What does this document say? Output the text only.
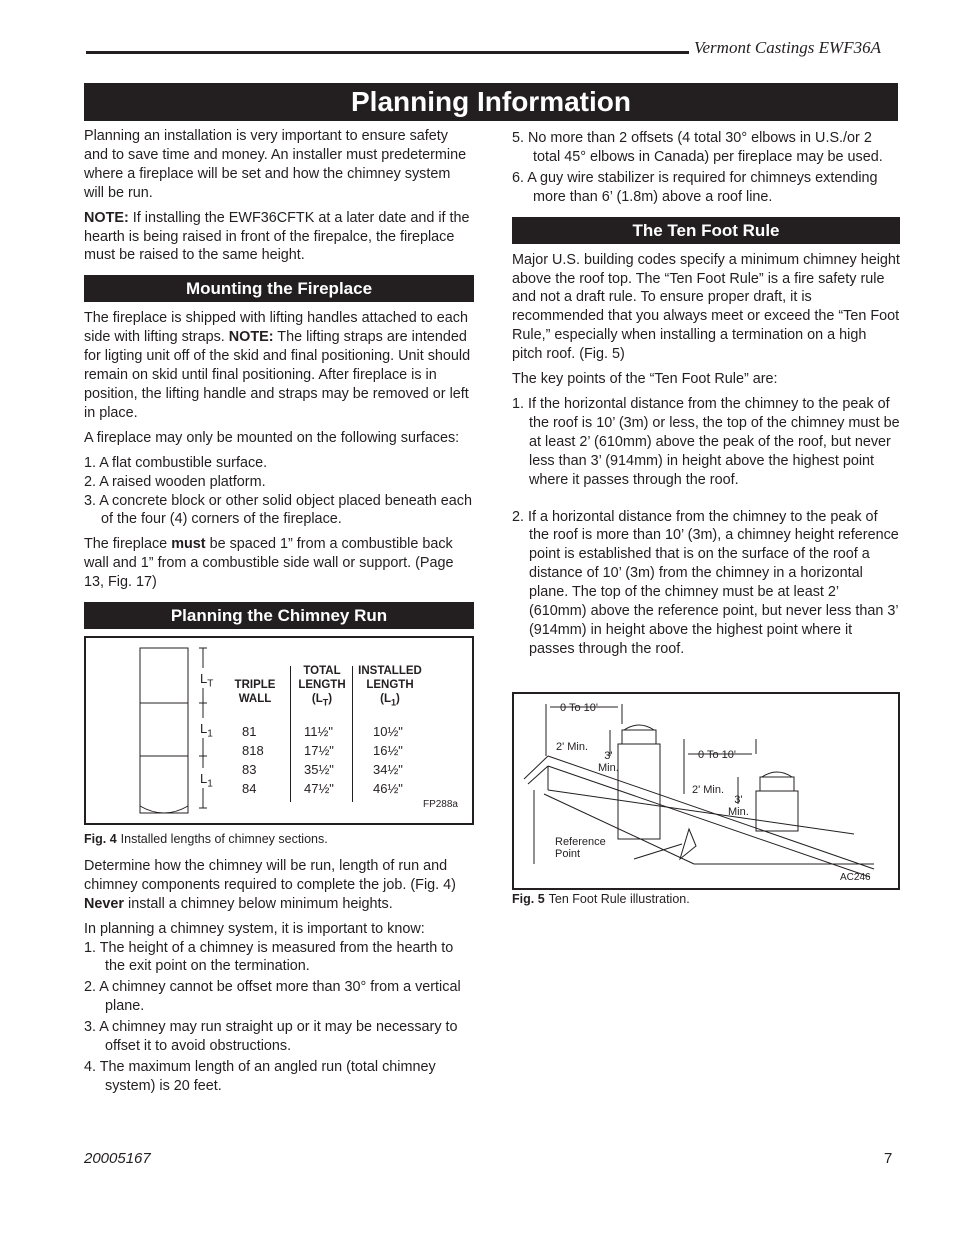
Vermont Castings EWF36A
Planning Information

Planning an installation is very important to ensure safety and to save time and money. An installer must predetermine where a fireplace will be set and how the chimney system will be run.

NOTE: If installing the EWF36CFTK at a later date and if the hearth is being raised in front of the firepalce, the fireplace must be raised to the same height.

Mounting the Fireplace

The fireplace is shipped with lifting handles attached to each side with lifting straps. NOTE: The lifting straps are intended for ligting unit off of the skid and final positioning. Unit should remain on skid until final positioning. After fireplace is in position, the lifting handle and straps may be removed or left in place.

A fireplace may only be mounted on the following surfaces:

1. A flat combustible surface.
2. A raised wooden platform.
3. A concrete block or other solid object placed beneath each of the four (4) corners of the fireplace.

The fireplace must be spaced 1” from a combustible back wall and 1” from a combustible side wall or support. (Page 13, Fig. 17)

Planning the Chimney Run
$L_T$
$L_1$
$L_1$
TRIPLE
WALL
TOTAL
LENGTH
$(L_T)$
INSTALLED
LENGTH
$(L_1)$
81	11½"	10½"
818	17½"	16½"
83	35½"	34½"
84	47½"	46½"
FP288a
Fig. 4 Installed lengths of chimney sections.

Determine how the chimney will be run, length of run and chimney components required to complete the job. (Fig. 4) Never install a chimney below minimum heights.

In planning a chimney system, it is important to know:

1. The height of a chimney is measured from the hearth to the exit point on the termination.
2. A chimney cannot be offset more than 30° from a vertical plane.
3. A chimney may run straight up or it may be necessary to offset it to avoid obstructions.
4. The maximum length of an angled run (total chimney system) is 20 feet.
5. No more than 2 offsets (4 total 30° elbows in U.S./or 2 total 45° elbows in Canada) per fireplace may be used.
6. A guy wire stabilizer is required for chimneys extending more than 6’ (1.8m) above a roof line.
The Ten Foot Rule

Major U.S. building codes specify a minimum chimney height above the roof top. The “Ten Foot Rule” is a fire safety rule and not a draft rule. To ensure proper draft, it is recommended that you always meet or exceed the “Ten Foot Rule,” especially when installing a termination on a high pitch roof. (Fig. 5)

The key points of the “Ten Foot Rule” are:

1. If the horizontal distance from the chimney to the peak of the roof is 10’ (3m) or less, the top of the chimney must be at least 2’ (610mm) above the peak of the roof, but never less than 3’ (914mm) in height above the highest point where it passes through the roof.
2. If a horizontal distance from the chimney to the peak of the roof is more than 10’ (3m), a chimney height reference point is established that is on the surface of the roof a distance of 10’ (3m) from the chimney in a horizontal plane. The top of the chimney must be at least 2’ (610mm) above the reference point, but never less than 3’ (914mm) in height above the highest point where it passes through the roof.
0 To 10'
2' Min.
3'
Min.
0 To 10'
2' Min.
3'
Min.
Reference
Point
AC246
Fig. 5 Ten Foot Rule illustration.
20005167	7
